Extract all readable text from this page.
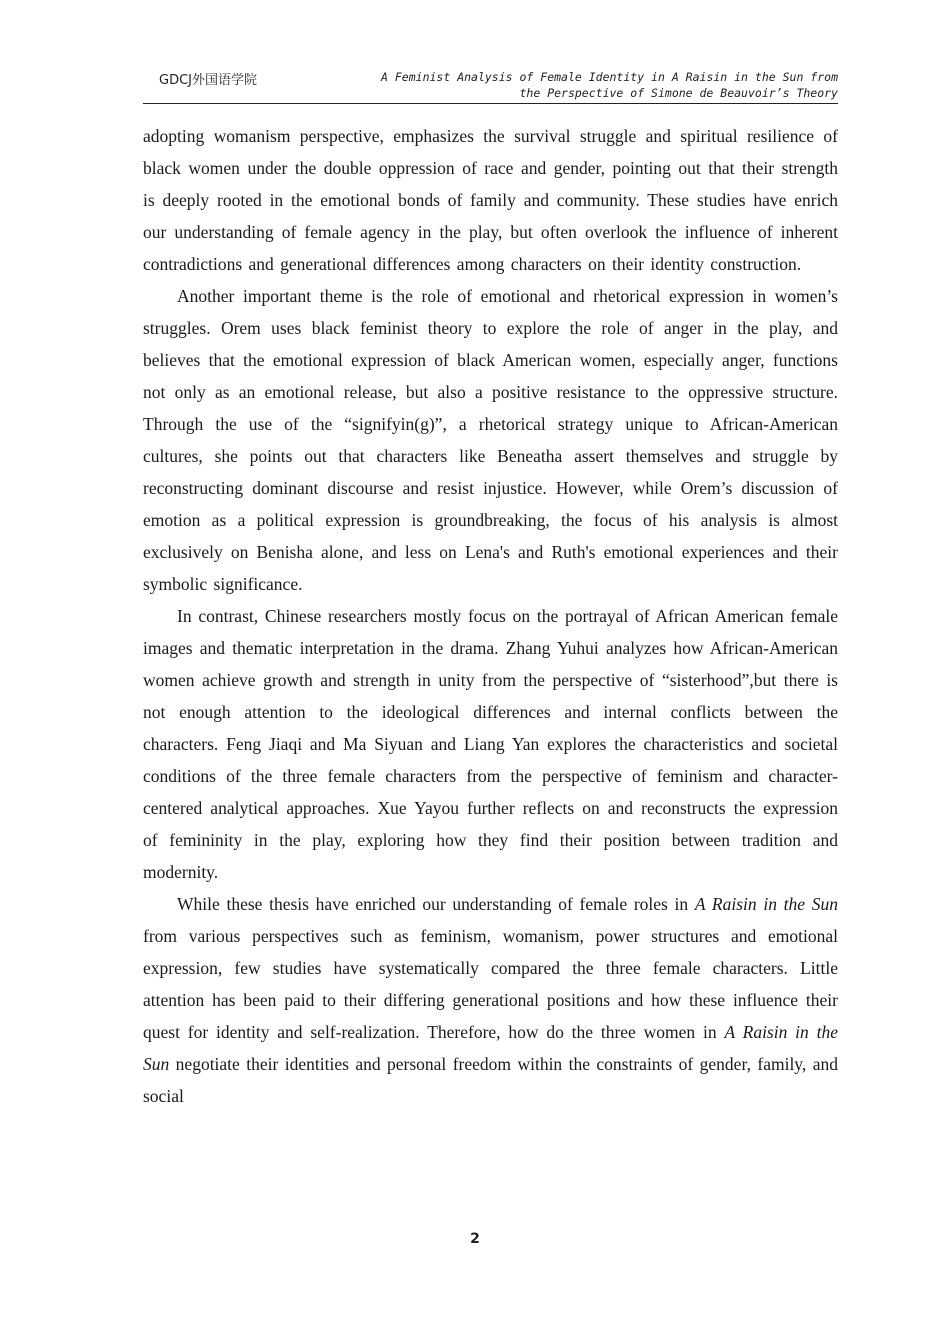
GDCJ外国语学院	A Feminist Analysis of Female Identity in A Raisin in the Sun from
the Perspective of Simone de Beauvoir’s Theory

adopting womanism perspective, emphasizes the survival struggle and spiritual resilience of black women under the double oppression of race and gender, pointing out that their strength is deeply rooted in the emotional bonds of family and community. These studies have enrich our understanding of female agency in the play, but often overlook the influence of inherent contradictions and generational differences among characters on their identity construction.

Another important theme is the role of emotional and rhetorical expression in women’s struggles. Orem uses black feminist theory to explore the role of anger in the play, and believes that the emotional expression of black American women, especially anger, functions not only as an emotional release, but also a positive resistance to the oppressive structure. Through the use of the “signifyin(g)”, a rhetorical strategy unique to African-American cultures, she points out that characters like Beneatha assert themselves and struggle by reconstructing dominant discourse and resist injustice. However, while Orem’s discussion of emotion as a political expression is groundbreaking, the focus of his analysis is almost exclusively on Benisha alone, and less on Lena's and Ruth's emotional experiences and their symbolic significance.

In contrast, Chinese researchers mostly focus on the portrayal of African American female images and thematic interpretation in the drama. Zhang Yuhui analyzes how African-American women achieve growth and strength in unity from the perspective of “sisterhood”,but there is not enough attention to the ideological differences and internal conflicts between the characters. Feng Jiaqi and Ma Siyuan and Liang Yan explores the characteristics and societal conditions of the three female characters from the perspective of feminism and character-centered analytical approaches. Xue Yayou further reflects on and reconstructs the expression of femininity in the play, exploring how they find their position between tradition and modernity.

While these thesis have enriched our understanding of female roles in A Raisin in the Sun from various perspectives such as feminism, womanism, power structures and emotional expression, few studies have systematically compared the three female characters. Little attention has been paid to their differing generational positions and how these influence their quest for identity and self-realization. Therefore, how do the three women in A Raisin in the Sun negotiate their identities and personal freedom within the constraints of gender, family, and social

2
